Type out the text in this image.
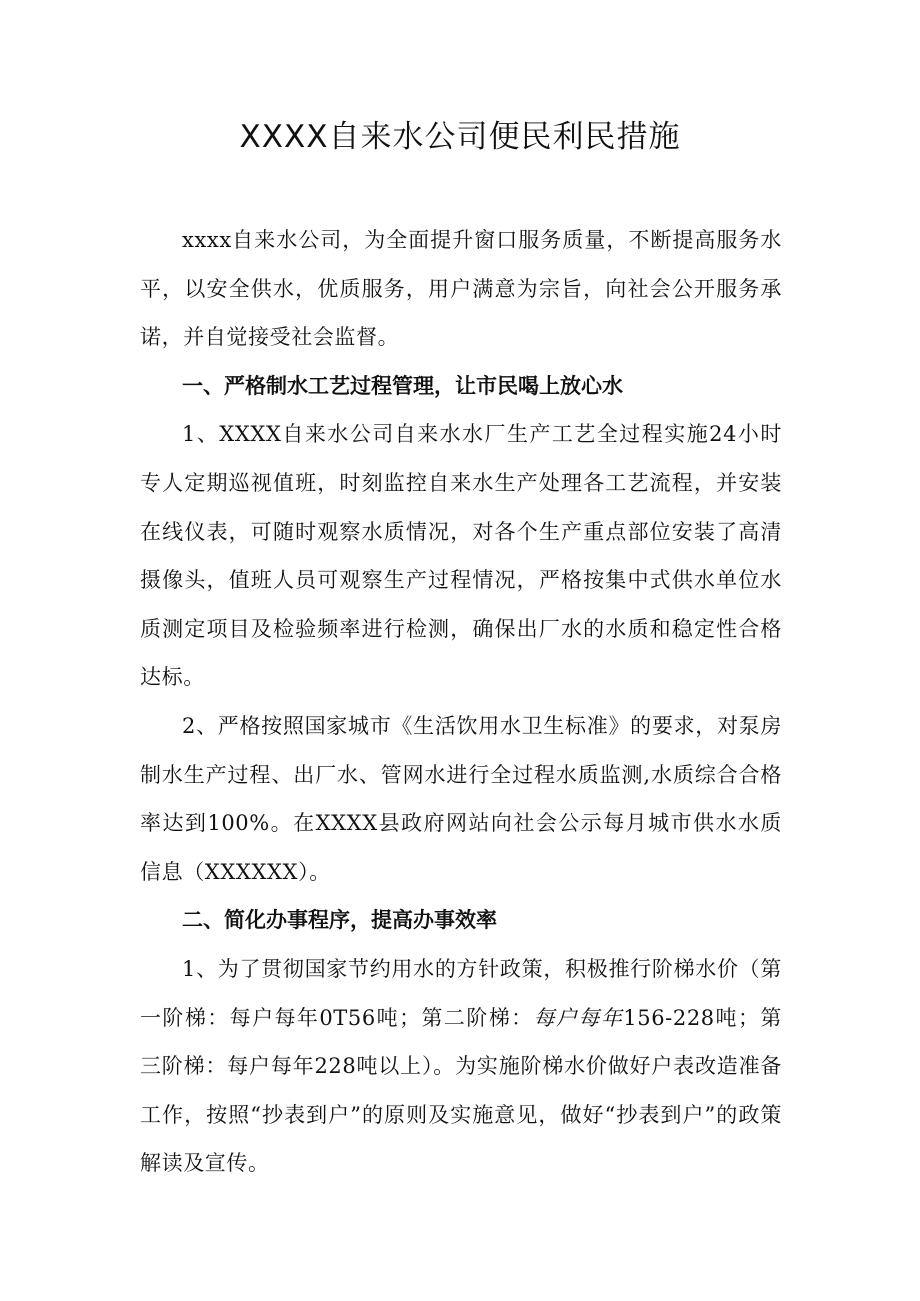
XXXX自来水公司便民利民措施

xxxx自来水公司，为全面提升窗口服务质量，不断提高服务水平，以安全供水，优质服务，用户满意为宗旨，向社会公开服务承诺，并自觉接受社会监督。

一、严格制水工艺过程管理，让市民喝上放心水

1、XXXX自来水公司自来水水厂生产工艺全过程实施24小时专人定期巡视值班，时刻监控自来水生产处理各工艺流程，并安装在线仪表，可随时观察水质情况，对各个生产重点部位安装了高清摄像头，值班人员可观察生产过程情况，严格按集中式供水单位水质测定项目及检验频率进行检测，确保出厂水的水质和稳定性合格达标。

2、严格按照国家城市《生活饮用水卫生标准》的要求，对泵房制水生产过程、出厂水、管网水进行全过程水质监测,水质综合合格率达到100%。在XXXX县政府网站向社会公示每月城市供水水质信息（XXXXXX）。

二、简化办事程序，提高办事效率

1、为了贯彻国家节约用水的方针政策，积极推行阶梯水价（第一阶梯：每户每年0T56吨；第二阶梯：每户每年156-228吨；第三阶梯：每户每年228吨以上）。为实施阶梯水价做好户表改造准备工作，按照“抄表到户”的原则及实施意见，做好“抄表到户”的政策解读及宣传。
